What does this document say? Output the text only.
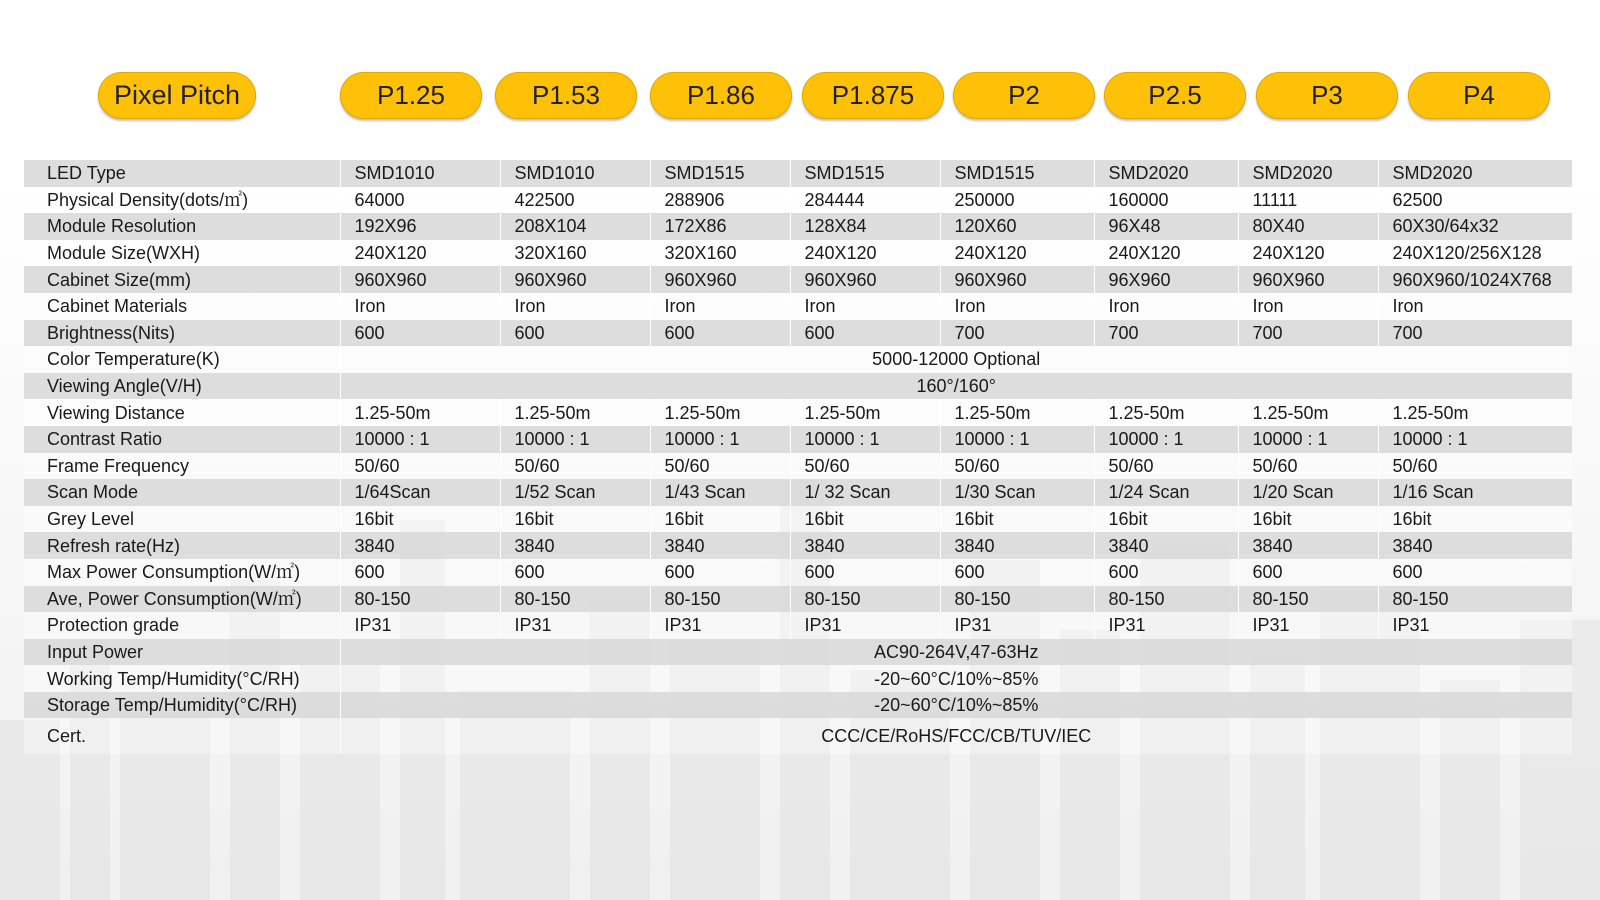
Pixel Pitch	P1.25	P1.53	P1.86	P1.875	P2	P2.5	P3	P4
LED Type	SMD1010	SMD1010	SMD1515	SMD1515	SMD1515	SMD2020	SMD2020	SMD2020
Physical Density(dots/㎡)	64000	422500	288906	284444	250000	160000	11111	62500
Module Resolution	192X96	208X104	172X86	128X84	120X60	96X48	80X40	60X30/64x32
Module Size(WXH)	240X120	320X160	320X160	240X120	240X120	240X120	240X120	240X120/256X128
Cabinet Size(mm)	960X960	960X960	960X960	960X960	960X960	96X960	960X960	960X960/1024X768
Cabinet Materials	Iron	Iron	Iron	Iron	Iron	Iron	Iron	Iron
Brightness(Nits)	600	600	600	600	700	700	700	700
Color Temperature(K)	5000-12000 Optional							
Viewing Angle(V/H)	160°/160°							
Viewing Distance	1.25-50m	1.25-50m	1.25-50m	1.25-50m	1.25-50m	1.25-50m	1.25-50m	1.25-50m
Contrast Ratio	10000 : 1	10000 : 1	10000 : 1	10000 : 1	10000 : 1	10000 : 1	10000 : 1	10000 : 1
Frame Frequency	50/60	50/60	50/60	50/60	50/60	50/60	50/60	50/60
Scan Mode	1/64Scan	1/52 Scan	1/43 Scan	1/ 32 Scan	1/30 Scan	1/24 Scan	1/20 Scan	1/16 Scan
Grey Level	16bit	16bit	16bit	16bit	16bit	16bit	16bit	16bit
Refresh rate(Hz)	3840	3840	3840	3840	3840	3840	3840	3840
Max Power Consumption(W/㎡)	600	600	600	600	600	600	600	600
Ave, Power Consumption(W/㎡)	80-150	80-150	80-150	80-150	80-150	80-150	80-150	80-150
Protection grade	IP31	IP31	IP31	IP31	IP31	IP31	IP31	IP31
Input Power	AC90-264V,47-63Hz							
Working Temp/Humidity(°C/RH)	-20~60°C/10%~85%							
Storage Temp/Humidity(°C/RH)	-20~60°C/10%~85%							
Cert.	CCC/CE/RoHS/FCC/CB/TUV/IEC							
